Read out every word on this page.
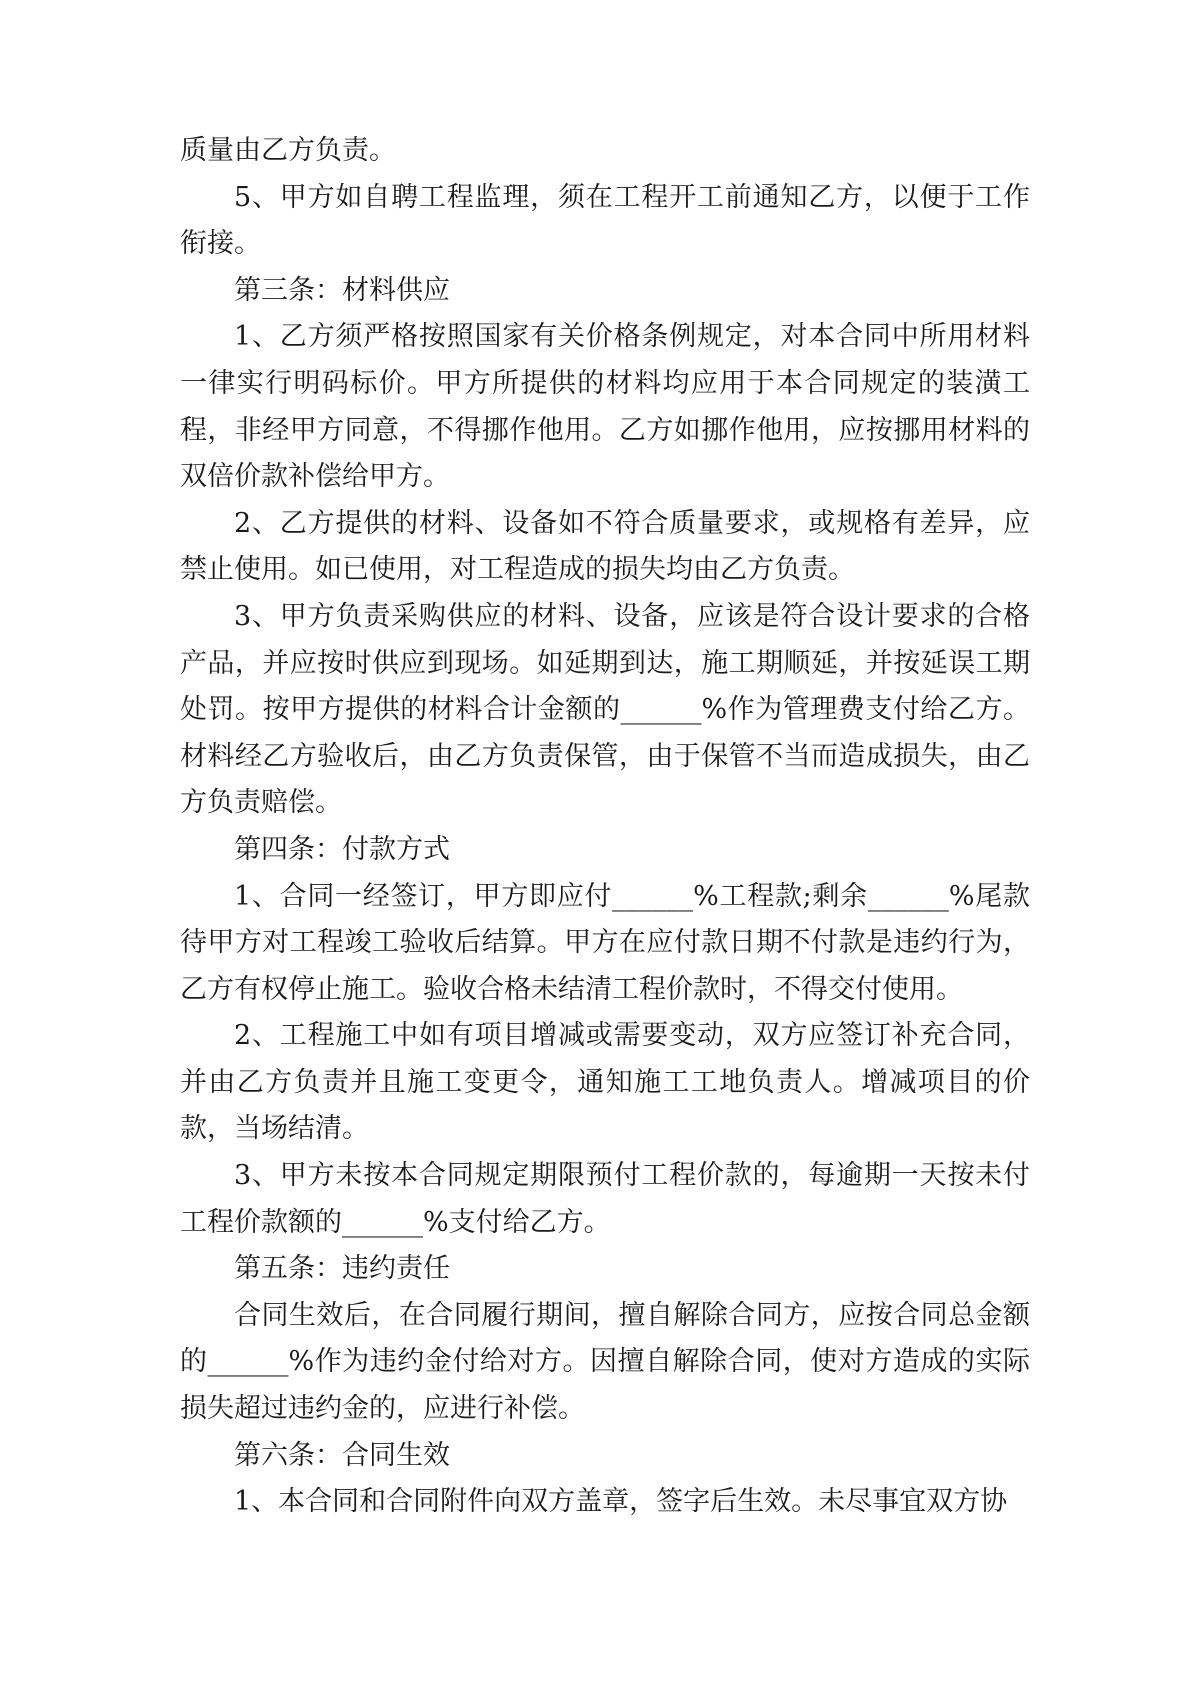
质量由乙方负责。

5、甲方如自聘工程监理，须在工程开工前通知乙方，以便于工作衔接。

第三条：材料供应

1、乙方须严格按照国家有关价格条例规定，对本合同中所用材料一律实行明码标价。甲方所提供的材料均应用于本合同规定的装潢工程，非经甲方同意，不得挪作他用。乙方如挪作他用，应按挪用材料的双倍价款补偿给甲方。

2、乙方提供的材料、设备如不符合质量要求，或规格有差异，应禁止使用。如已使用，对工程造成的损失均由乙方负责。

3、甲方负责采购供应的材料、设备，应该是符合设计要求的合格产品，并应按时供应到现场。如延期到达，施工期顺延，并按延误工期处罚。按甲方提供的材料合计金额的______%作为管理费支付给乙方。材料经乙方验收后，由乙方负责保管，由于保管不当而造成损失，由乙方负责赔偿。

第四条：付款方式

1、合同一经签订，甲方即应付______%工程款;剩余______%尾款待甲方对工程竣工验收后结算。甲方在应付款日期不付款是违约行为，乙方有权停止施工。验收合格未结清工程价款时，不得交付使用。

2、工程施工中如有项目增减或需要变动，双方应签订补充合同，并由乙方负责并且施工变更令，通知施工工地负责人。增减项目的价款，当场结清。

3、甲方未按本合同规定期限预付工程价款的，每逾期一天按未付工程价款额的______%支付给乙方。

第五条：违约责任

合同生效后，在合同履行期间，擅自解除合同方，应按合同总金额的______%作为违约金付给对方。因擅自解除合同，使对方造成的实际损失超过违约金的，应进行补偿。

第六条：合同生效

1、本合同和合同附件向双方盖章，签字后生效。未尽事宜双方协
